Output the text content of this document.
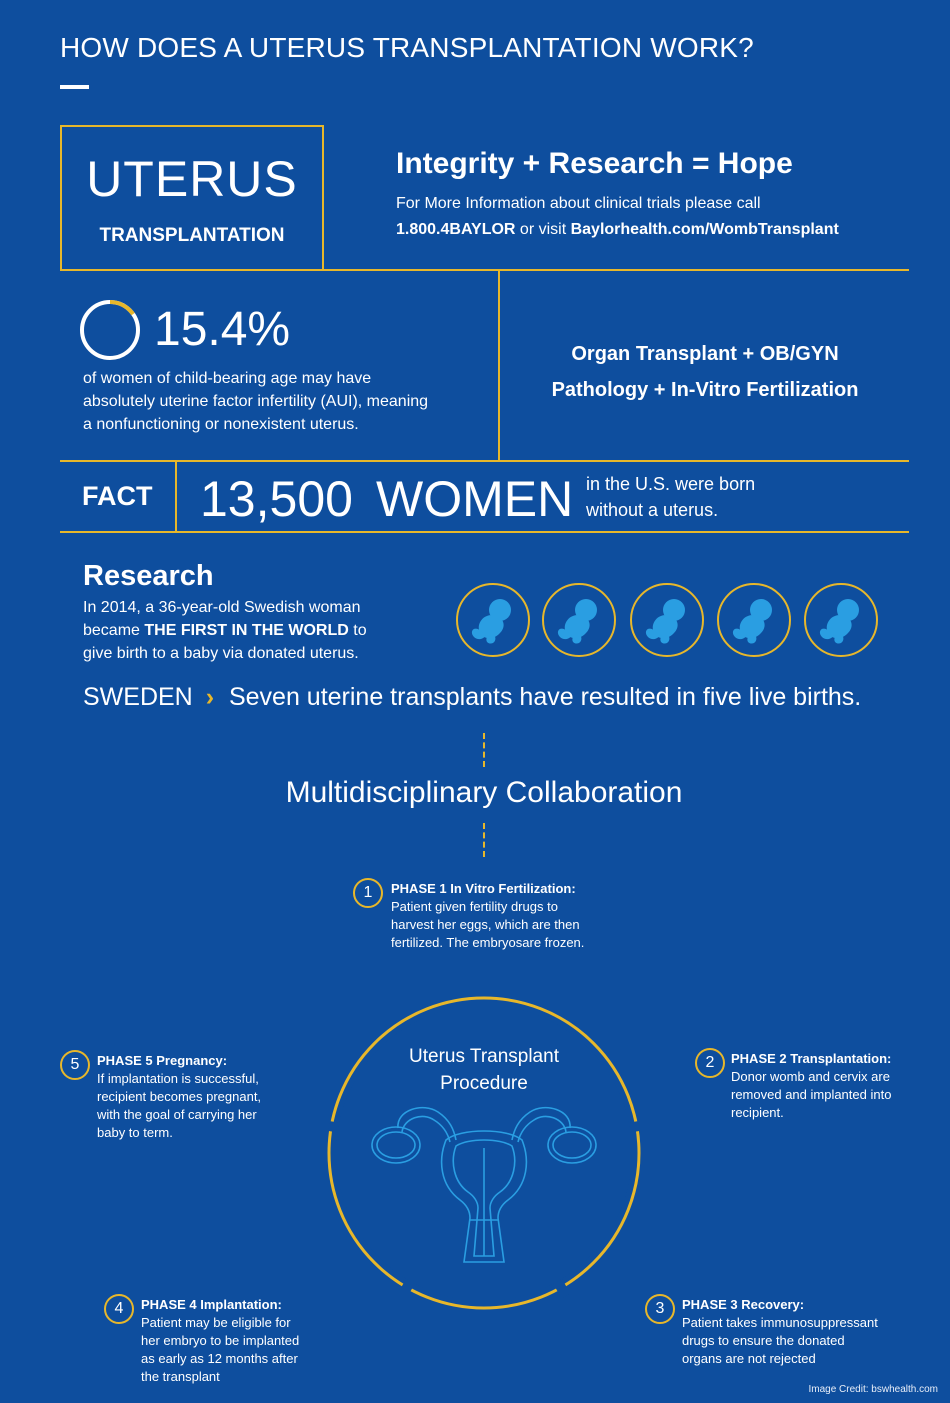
HOW DOES A UTERUS TRANSPLANTATION WORK?
UTERUS
TRANSPLANTATION
Integrity + Research = Hope
For More Information about clinical trials please call
1.800.4BAYLOR or visit Baylorhealth.com/WombTransplant
15.4%
of women of child-bearing age may have
absolutely uterine factor infertility (AUI), meaning
a nonfunctioning or nonexistent uterus.
Organ Transplant + OB/GYN
Pathology + In-Vitro Fertilization
FACT 13,500 WOMEN in the U.S. were born
without a uterus.
Research
In 2014, a 36-year-old Swedish woman
became THE FIRST IN THE WORLD to
give birth to a baby via donated uterus.
SWEDEN › Seven uterine transplants have resulted in five live births.
Multidisciplinary Collaboration
1	PHASE 1 In Vitro Fertilization:
Patient given fertility drugs to
harvest her eggs, which are then
fertilized. The embryosare frozen.
Uterus Transplant
Procedure
2	PHASE 2 Transplantation:
Donor womb and cervix are
removed and implanted into
recipient.
5	PHASE 5 Pregnancy:
If implantation is successful,
recipient becomes pregnant,
with the goal of carrying her
baby to term.
4	PHASE 4 Implantation:
Patient may be eligible for
her embryo to be implanted
as early as 12 months after
the transplant
3	PHASE 3 Recovery:
Patient takes immunosuppressant
drugs to ensure the donated
organs are not rejected
Image Credit: bswhealth.com
